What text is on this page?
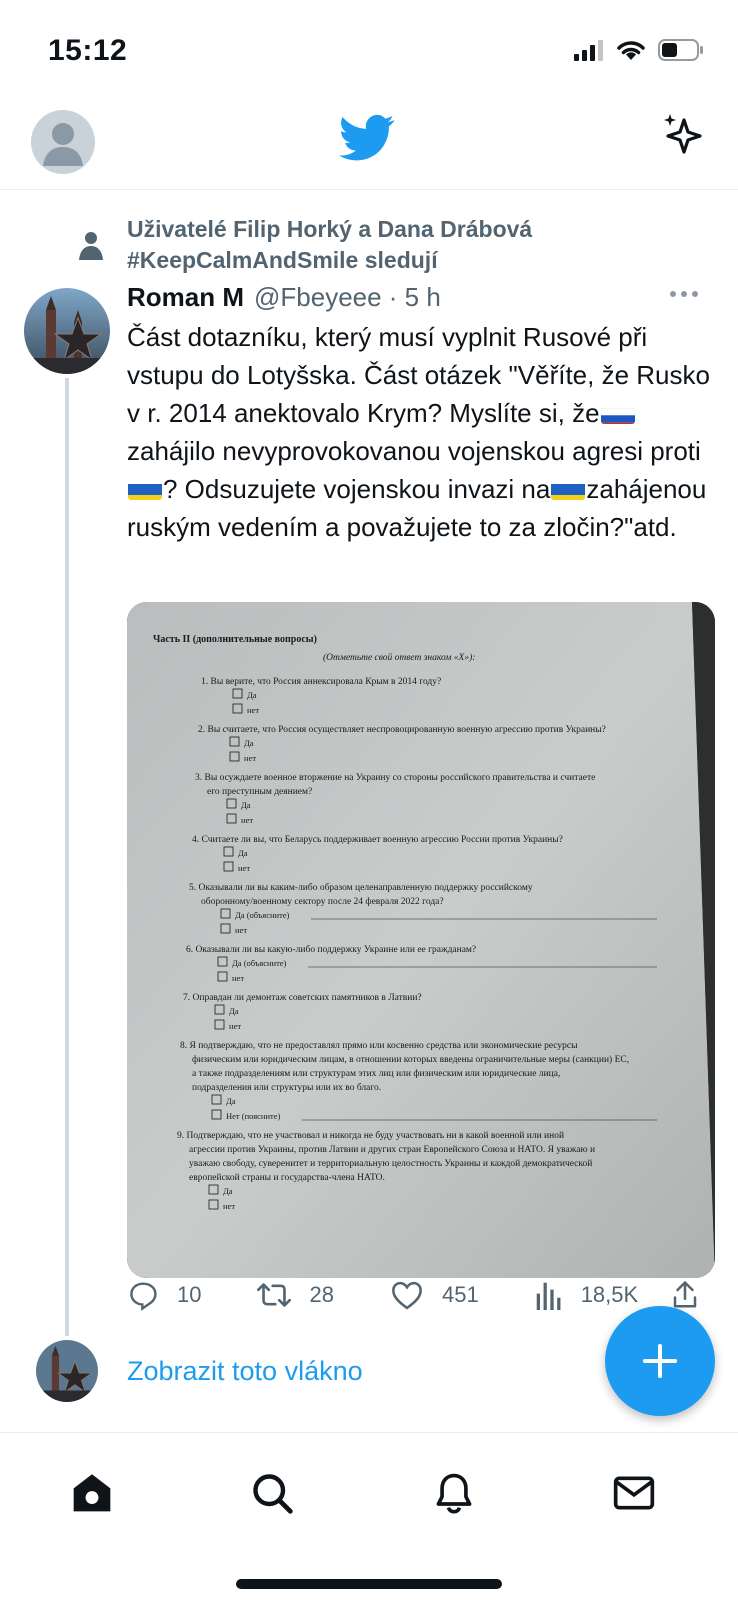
15:12
Uživatelé Filip Horký a Dana Drábová #KeepCalmAndSmile sledují
Roman M @Fbeyeee · 5 h
Část dotazníku, který musí vyplnit Rusové při vstupu do Lotyšska. Část otázek "Věříte, že Rusko v r. 2014 anektovalo Krym? Myslíte si, žezahájilo nevyprovokovanou vojenskou agresi proti? Odsuzujete vojenskou invazi na zahájenou ruským vedením a považujete to za zločin?"atd.
Часть II (дополнительные вопросы)
(Отметьте свой ответ знаком «X»):
1. Вы верите, что Россия аннексировала Крым в 2014 году?
Да
нет
2. Вы считаете, что Россия осуществляет неспровоцированную военную агрессию против Украины?
Да
нет
3. Вы осуждаете военное вторжение на Украину со стороны российского правительства и считаете
его преступным деянием?
Да
нет
4. Считаете ли вы, что Беларусь поддерживает военную агрессию России против Украины?
Да
нет
5. Оказывали ли вы каким-либо образом целенаправленную поддержку российскому
оборонному/военному сектору после 24 февраля 2022 года?
Да (объясните)
нет
6. Оказывали ли вы какую-либо поддержку Украине или ее гражданам?
Да (объясните)
нет
7. Оправдан ли демонтаж советских памятников в Латвии?
Да
нет
8. Я подтверждаю, что не предоставлял прямо или косвенно средства или экономические ресурсы
физическим или юридическим лицам, в отношении которых введены ограничительные меры (санкции) ЕС,
а также подразделениям или структурам этих лиц или физическим или юридические лица,
подразделения или структуры или их во благо.
Да
Нет (поясните)
9. Подтверждаю, что не участвовал и никогда не буду участвовать ни в какой военной или иной
агрессии против Украины, против Латвии и других стран Европейского Союза и НАТО. Я уважаю и
уважаю свободу, суверенитет и территориальную целостность Украины и каждой демократической
европейской страны и государства-члена НАТО.
Да
нет
10	28	451	18,5K
Zobrazit toto vlákno
